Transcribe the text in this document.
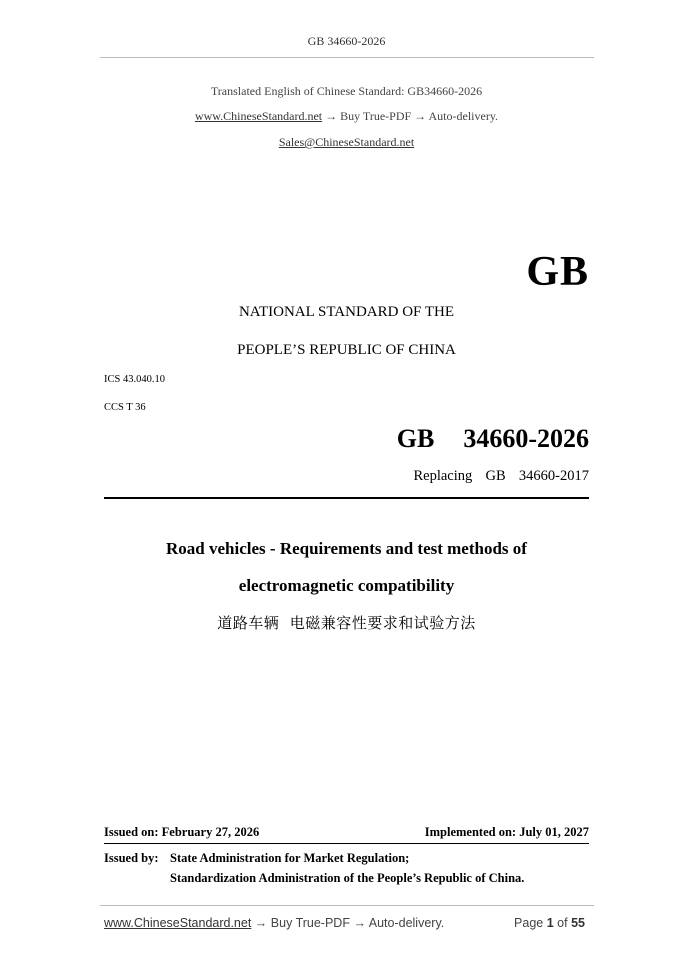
GB 34660-2026
Translated English of Chinese Standard: GB34660-2026
www.ChineseStandard.net → Buy True-PDF → Auto-delivery.
Sales@ChineseStandard.net
GB
NATIONAL STANDARD OF THE
PEOPLE’S REPUBLIC OF CHINA
ICS 43.040.10
CCS T 36
GB  34660-2026
Replacing  GB  34660-2017
Road vehicles - Requirements and test methods of
electromagnetic compatibility
道路车辆  电磁兼容性要求和试验方法
Issued on: February 27, 2026	Implemented on: July 01, 2027
Issued by: State Administration for Market Regulation;
Standardization Administration of the People’s Republic of China.
www.ChineseStandard.net → Buy True-PDF → Auto-delivery.	Page 1 of 55
